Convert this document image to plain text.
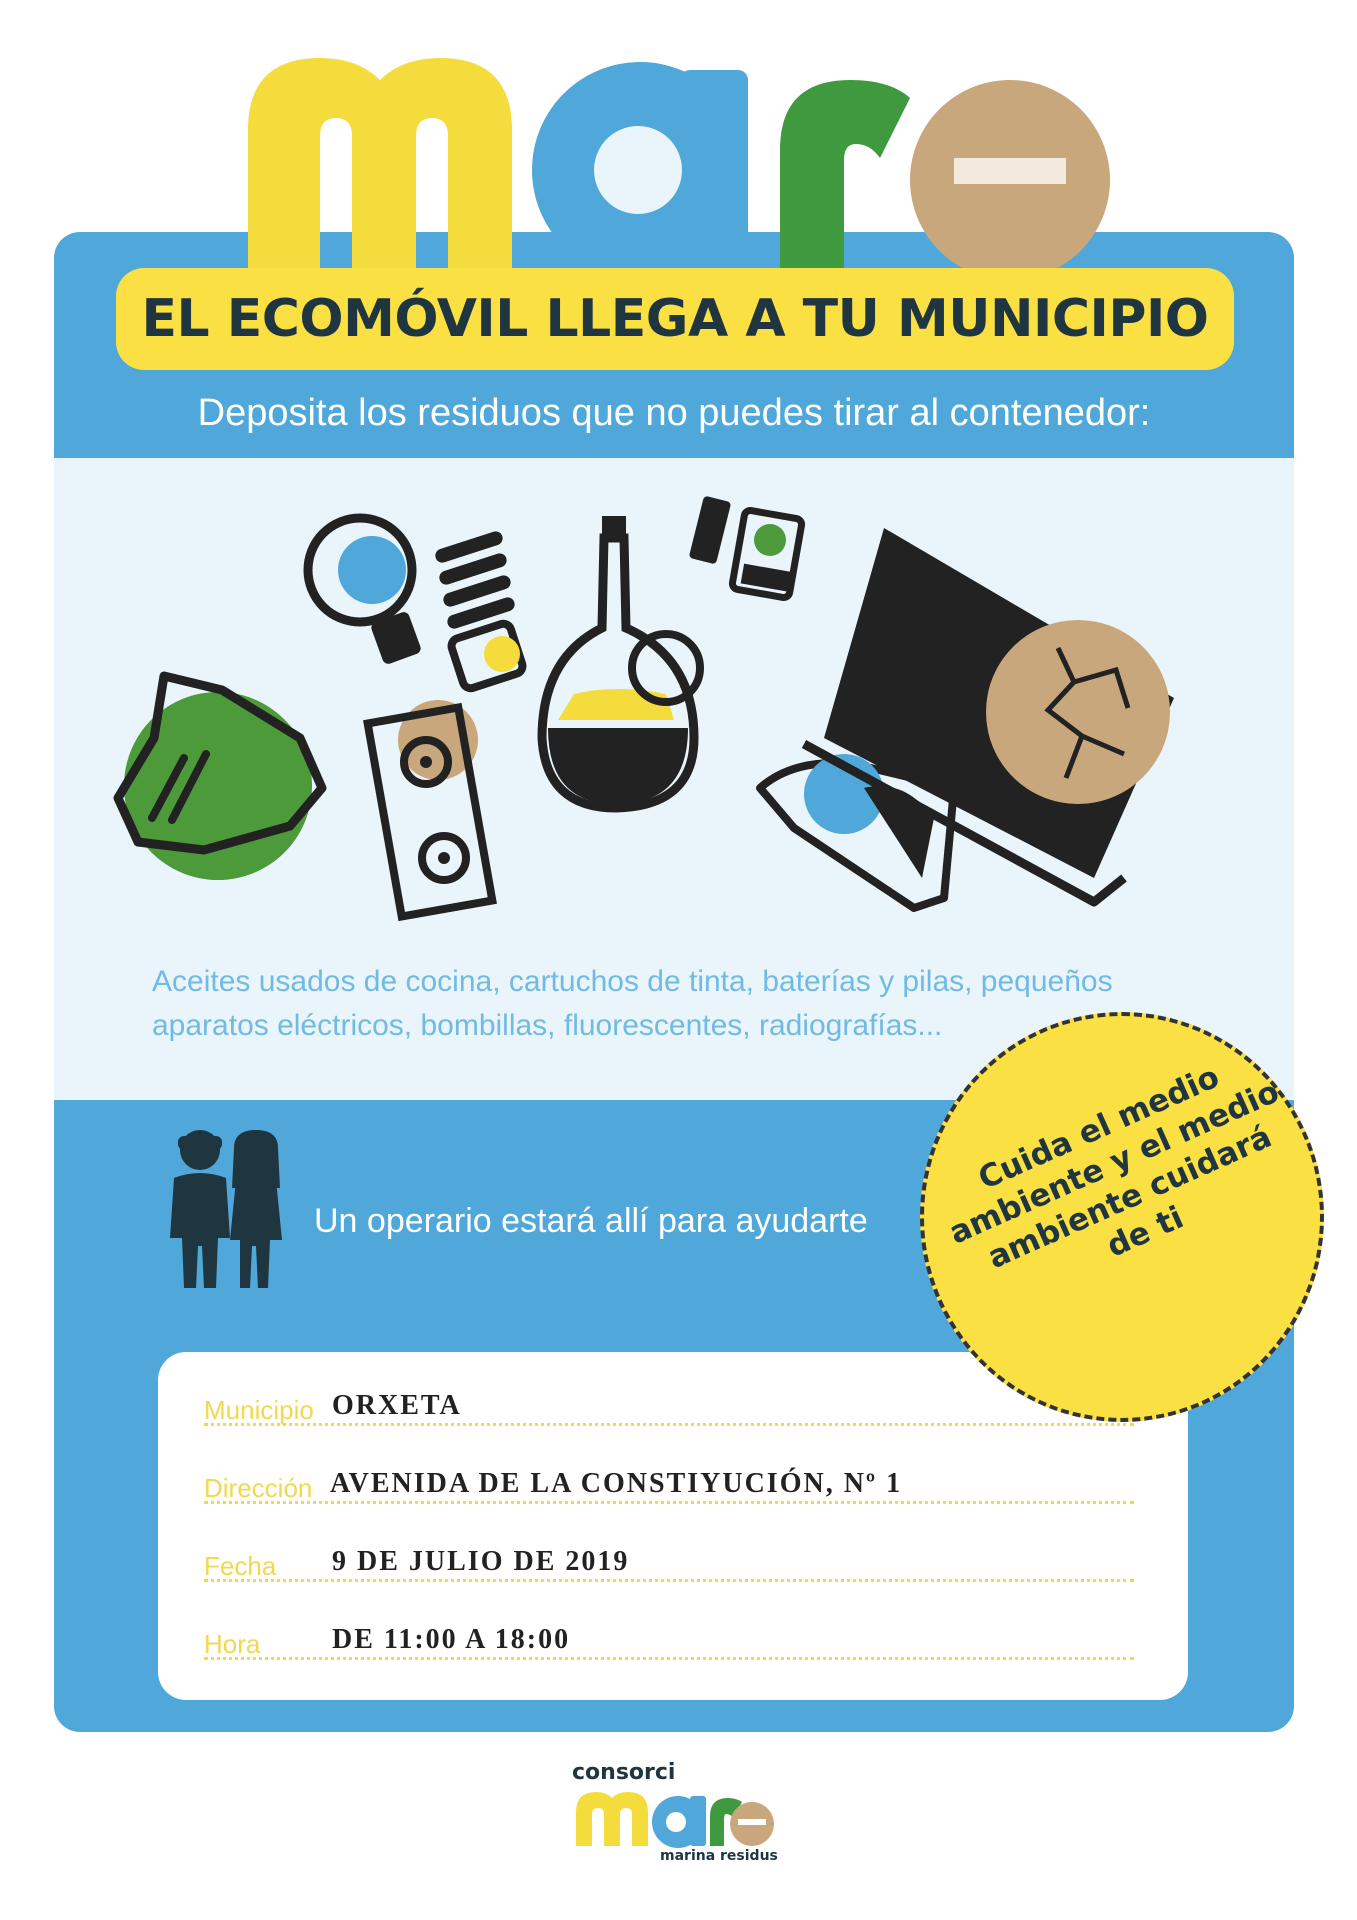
EL ECOMÓVIL LLEGA A TU MUNICIPIO
Deposita los residuos que no puedes tirar al contenedor:
Aceites usados de cocina, cartuchos de tinta, baterías y pilas, pequeños aparatos eléctricos, bombillas, fluorescentes, radiografías...
Un operario estará allí para ayudarte
Municipio ORXETA
Dirección AVENIDA DE LA CONSTIYUCIÓN, Nº 1
Fecha 9 DE JULIO DE 2019
Hora	DE 11:00 A 18:00
Cuida el medio ambiente y el medio ambiente cuidará de ti
consorci
marina residus
